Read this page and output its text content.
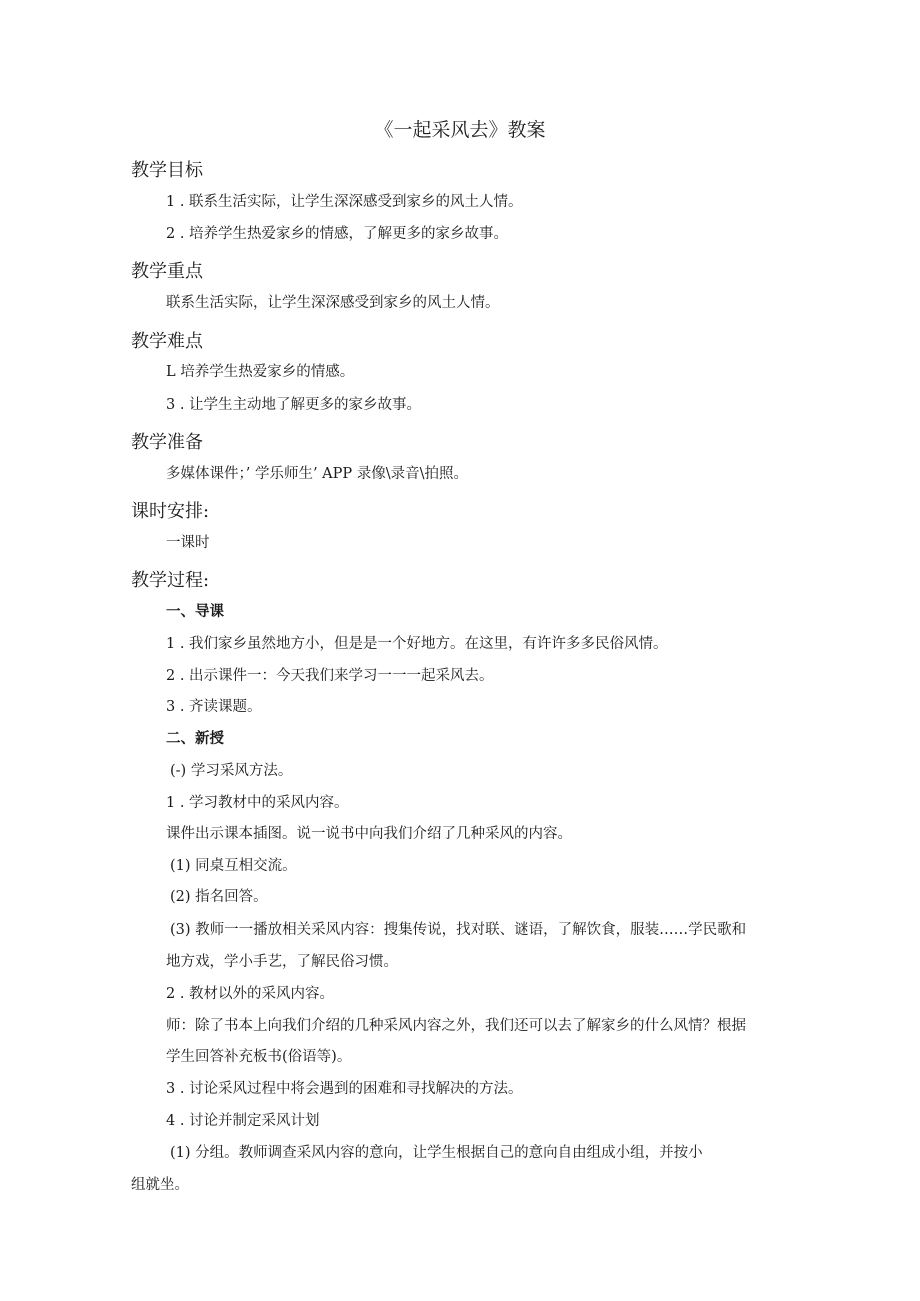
《一起采风去》教案
教学目标
1 . 联系生活实际，让学生深深感受到家乡的风土人情。
2 . 培养学生热爱家乡的情感，了解更多的家乡故事。
教学重点
联系生活实际，让学生深深感受到家乡的风土人情。
教学难点
L 培养学生热爱家乡的情感。
3 . 让学生主动地了解更多的家乡故事。
教学准备
多媒体课件；’ 学乐师生’ APP 录像\录音\拍照。
课时安排:
一课时
教学过程:
一、导课
1 . 我们家乡虽然地方小，但是是一个好地方。在这里，有许许多多民俗风情。
2 . 出示课件一：今天我们来学习一一一起采风去。
3 . 齐读课题。
二、新授
(-) 学习采风方法。
1 . 学习教材中的采风内容。
课件出示课本插图。说一说书中向我们介绍了几种采风的内容。
(1) 同桌互相交流。
(2) 指名回答。
(3) 教师一一播放相关采风内容：搜集传说，找对联、谜语，了解饮食，服装……学民歌和
地方戏，学小手艺，了解民俗习惯。
2 . 教材以外的采风内容。
师：除了书本上向我们介绍的几种采风内容之外，我们还可以去了解家乡的什么风情？根据
学生回答补充板书(俗语等)。
3 . 讨论采风过程中将会遇到的困难和寻找解决的方法。
4 . 讨论并制定采风计划
(1) 分组。教师调查采风内容的意向，让学生根据自己的意向自由组成小组，并按小
组就坐。
